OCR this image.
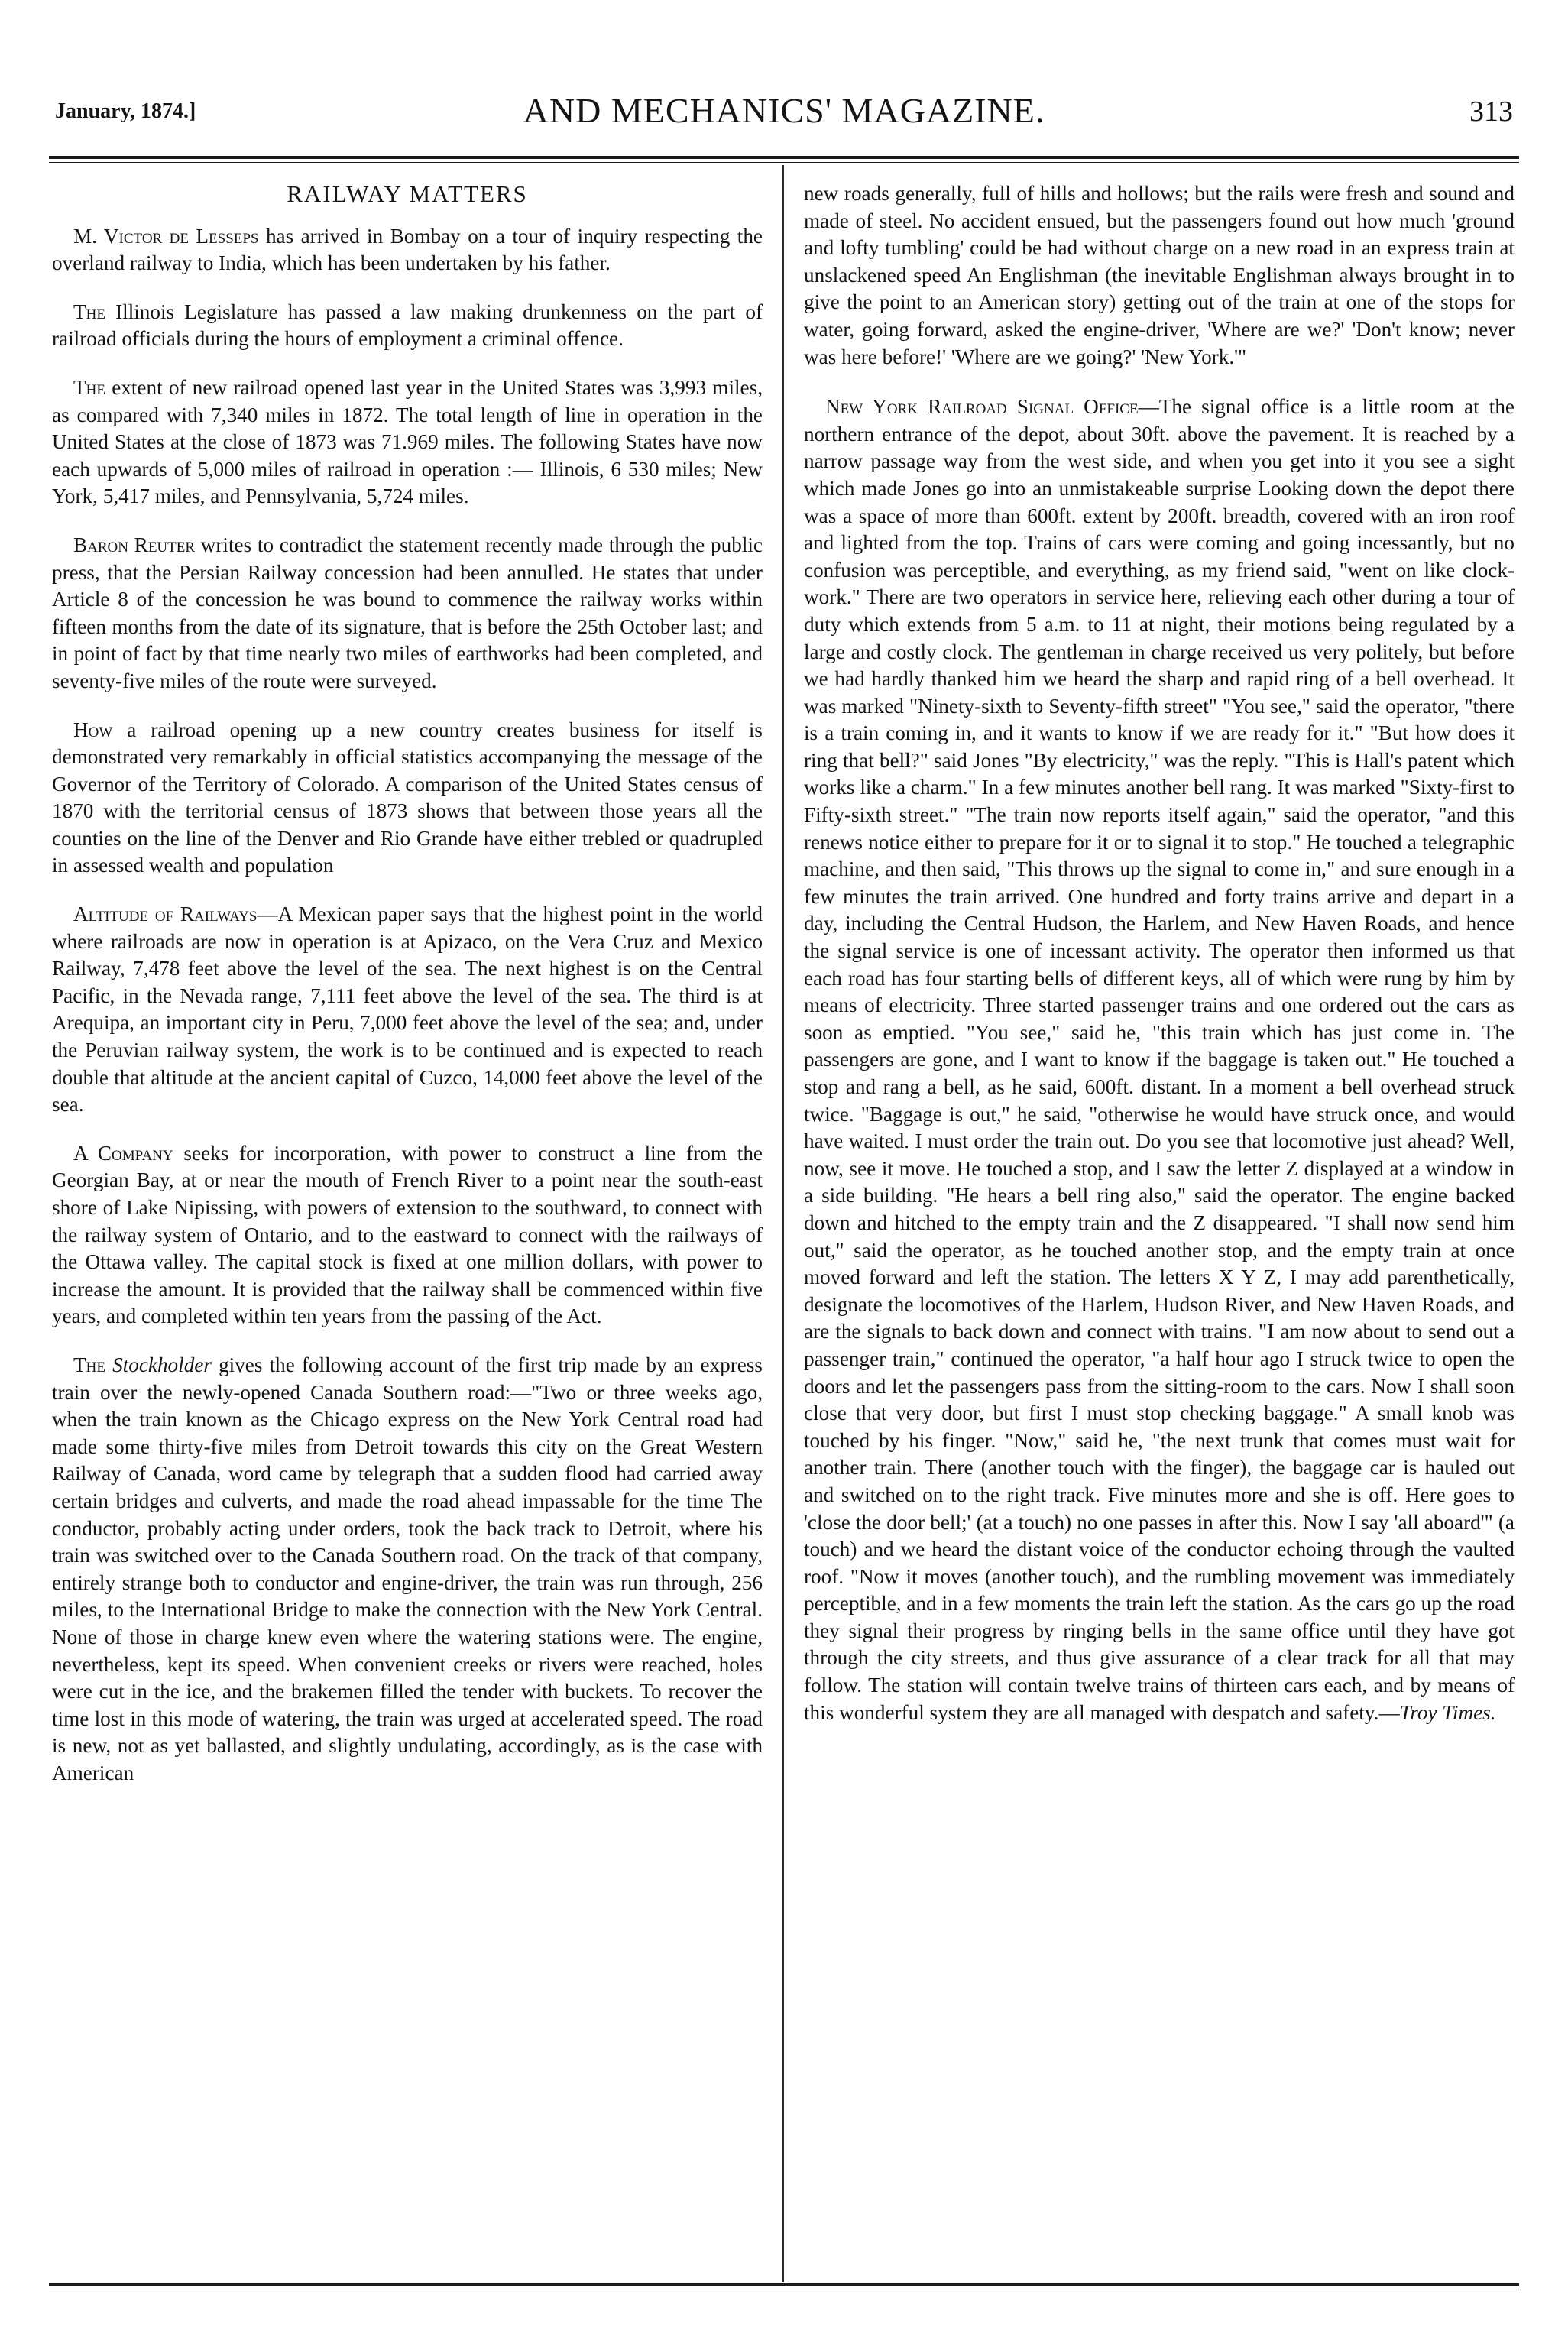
January, 1874.]	AND MECHANICS' MAGAZINE.	313
RAILWAY MATTERS

M. Victor de Lesseps has arrived in Bombay on a tour of inquiry respecting the overland railway to India, which has been undertaken by his father.

The Illinois Legislature has passed a law making drunkenness on the part of railroad officials during the hours of employment a criminal offence.

The extent of new railroad opened last year in the United States was 3,993 miles, as compared with 7,340 miles in 1872. The total length of line in operation in the United States at the close of 1873 was 71.969 miles. The following States have now each upwards of 5,000 miles of railroad in operation :— Illinois, 6 530 miles; New York, 5,417 miles, and Pennsylvania, 5,724 miles.

Baron Reuter writes to contradict the statement recently made through the public press, that the Persian Railway concession had been annulled. He states that under Article 8 of the concession he was bound to commence the railway works within fifteen months from the date of its signature, that is before the 25th October last; and in point of fact by that time nearly two miles of earthworks had been completed, and seventy-five miles of the route were surveyed.

How a railroad opening up a new country creates business for itself is demonstrated very remarkably in official statistics accompanying the message of the Governor of the Territory of Colorado. A comparison of the United States census of 1870 with the territorial census of 1873 shows that between those years all the counties on the line of the Denver and Rio Grande have either trebled or quadrupled in assessed wealth and population

Altitude of Railways—A Mexican paper says that the highest point in the world where railroads are now in operation is at Apizaco, on the Vera Cruz and Mexico Railway, 7,478 feet above the level of the sea. The next highest is on the Central Pacific, in the Nevada range, 7,111 feet above the level of the sea. The third is at Arequipa, an important city in Peru, 7,000 feet above the level of the sea; and, under the Peruvian railway system, the work is to be continued and is expected to reach double that altitude at the ancient capital of Cuzco, 14,000 feet above the level of the sea.

A Company seeks for incorporation, with power to construct a line from the Georgian Bay, at or near the mouth of French River to a point near the south-east shore of Lake Nipissing, with powers of extension to the southward, to connect with the railway system of Ontario, and to the eastward to connect with the railways of the Ottawa valley. The capital stock is fixed at one million dollars, with power to increase the amount. It is provided that the railway shall be commenced within five years, and completed within ten years from the passing of the Act.

The Stockholder gives the following account of the first trip made by an express train over the newly-opened Canada Southern road:—"Two or three weeks ago, when the train known as the Chicago express on the New York Central road had made some thirty-five miles from Detroit towards this city on the Great Western Railway of Canada, word came by telegraph that a sudden flood had carried away certain bridges and culverts, and made the road ahead impassable for the time The conductor, probably acting under orders, took the back track to Detroit, where his train was switched over to the Canada Southern road. On the track of that company, entirely strange both to conductor and engine-driver, the train was run through, 256 miles, to the International Bridge to make the connection with the New York Central. None of those in charge knew even where the watering stations were. The engine, nevertheless, kept its speed. When convenient creeks or rivers were reached, holes were cut in the ice, and the brakemen filled the tender with buckets. To recover the time lost in this mode of watering, the train was urged at accelerated speed. The road is new, not as yet ballasted, and slightly undulating, accordingly, as is the case with American

new roads generally, full of hills and hollows; but the rails were fresh and sound and made of steel. No accident ensued, but the passengers found out how much 'ground and lofty tumbling' could be had without charge on a new road in an express train at unslackened speed An Englishman (the inevitable Englishman always brought in to give the point to an American story) getting out of the train at one of the stops for water, going forward, asked the engine-driver, 'Where are we?' 'Don't know; never was here before!' 'Where are we going?' 'New York.'"

New York Railroad Signal Office—The signal office is a little room at the northern entrance of the depot, about 30ft. above the pavement. It is reached by a narrow passage way from the west side, and when you get into it you see a sight which made Jones go into an unmistakeable surprise Looking down the depot there was a space of more than 600ft. extent by 200ft. breadth, covered with an iron roof and lighted from the top. Trains of cars were coming and going incessantly, but no confusion was perceptible, and everything, as my friend said, "went on like clock-work." There are two operators in service here, relieving each other during a tour of duty which extends from 5 a.m. to 11 at night, their motions being regulated by a large and costly clock. The gentleman in charge received us very politely, but before we had hardly thanked him we heard the sharp and rapid ring of a bell overhead. It was marked "Ninety-sixth to Seventy-fifth street" "You see," said the operator, "there is a train coming in, and it wants to know if we are ready for it." "But how does it ring that bell?" said Jones "By electricity," was the reply. "This is Hall's patent which works like a charm." In a few minutes another bell rang. It was marked "Sixty-first to Fifty-sixth street." "The train now reports itself again," said the operator, "and this renews notice either to prepare for it or to signal it to stop." He touched a telegraphic machine, and then said, "This throws up the signal to come in," and sure enough in a few minutes the train arrived. One hundred and forty trains arrive and depart in a day, including the Central Hudson, the Harlem, and New Haven Roads, and hence the signal service is one of incessant activity. The operator then informed us that each road has four starting bells of different keys, all of which were rung by him by means of electricity. Three started passenger trains and one ordered out the cars as soon as emptied. "You see," said he, "this train which has just come in. The passengers are gone, and I want to know if the baggage is taken out." He touched a stop and rang a bell, as he said, 600ft. distant. In a moment a bell overhead struck twice. "Baggage is out," he said, "otherwise he would have struck once, and would have waited. I must order the train out. Do you see that locomotive just ahead? Well, now, see it move. He touched a stop, and I saw the letter Z displayed at a window in a side building. "He hears a bell ring also," said the operator. The engine backed down and hitched to the empty train and the Z disappeared. "I shall now send him out," said the operator, as he touched another stop, and the empty train at once moved forward and left the station. The letters X Y Z, I may add parenthetically, designate the locomotives of the Harlem, Hudson River, and New Haven Roads, and are the signals to back down and connect with trains. "I am now about to send out a passenger train," continued the operator, "a half hour ago I struck twice to open the doors and let the passengers pass from the sitting-room to the cars. Now I shall soon close that very door, but first I must stop checking baggage." A small knob was touched by his finger. "Now," said he, "the next trunk that comes must wait for another train. There (another touch with the finger), the baggage car is hauled out and switched on to the right track. Five minutes more and she is off. Here goes to 'close the door bell;' (at a touch) no one passes in after this. Now I say 'all aboard'" (a touch) and we heard the distant voice of the conductor echoing through the vaulted roof. "Now it moves (another touch), and the rumbling movement was immediately perceptible, and in a few moments the train left the station. As the cars go up the road they signal their progress by ringing bells in the same office until they have got through the city streets, and thus give assurance of a clear track for all that may follow. The station will contain twelve trains of thirteen cars each, and by means of this wonderful system they are all managed with despatch and safety.—Troy Times.
